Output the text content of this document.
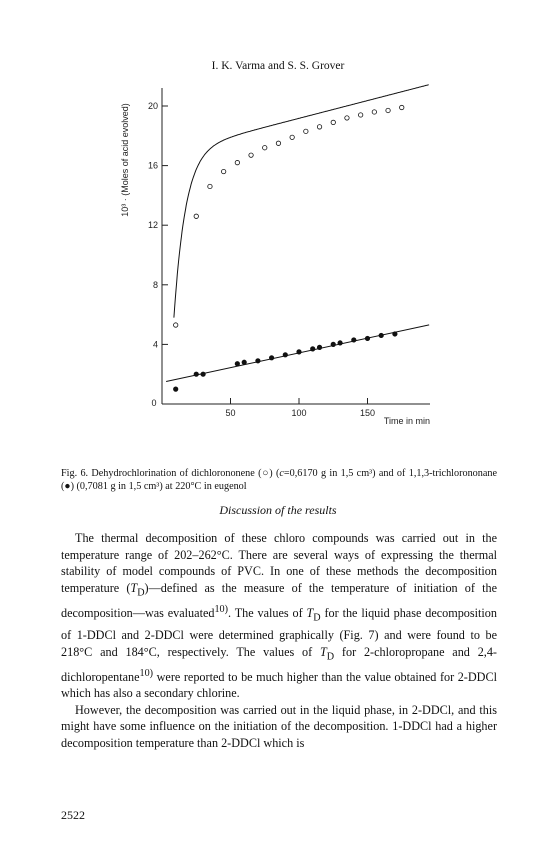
I. K. Varma and S. S. Grover
4
8
12
16
20
0
50	100	150
10³ · (Moles of acid evolved)
Time in min
Fig. 6. Dehydrochlorination of dichlorononene (○) (c=0,6170 g in 1,5 cm³) and of 1,1,3-trichlorononane (●) (0,7081 g in 1,5 cm³) at 220°C in eugenol
Discussion of the results

The thermal decomposition of these chloro compounds was carried out in the temperature range of 202–262°C. There are several ways of expressing the thermal stability of model compounds of PVC. In one of these methods the decomposition temperature $(T_D)—defined$ as the measure of the temperature of initiation of the decomposition—was evaluated$^{10)}$. The values of $T_D$ for the liquid phase decomposition of 1-DDCl and 2-DDCl were determined graphically (Fig. 7) and were found to be 218°C and 184°C, respectively. The values of $T_D$ for 2-chloropropane and 2,4-dichloropentane$^{10)}$ were reported to be much higher than the value obtained for 2-DDCl which has also a secondary chlorine.

However, the decomposition was carried out in the liquid phase, in 2-DDCl, and this might have some influence on the initiation of the decomposition. 1-DDCl had a higher decomposition temperature than 2-DDCl which is

2522
